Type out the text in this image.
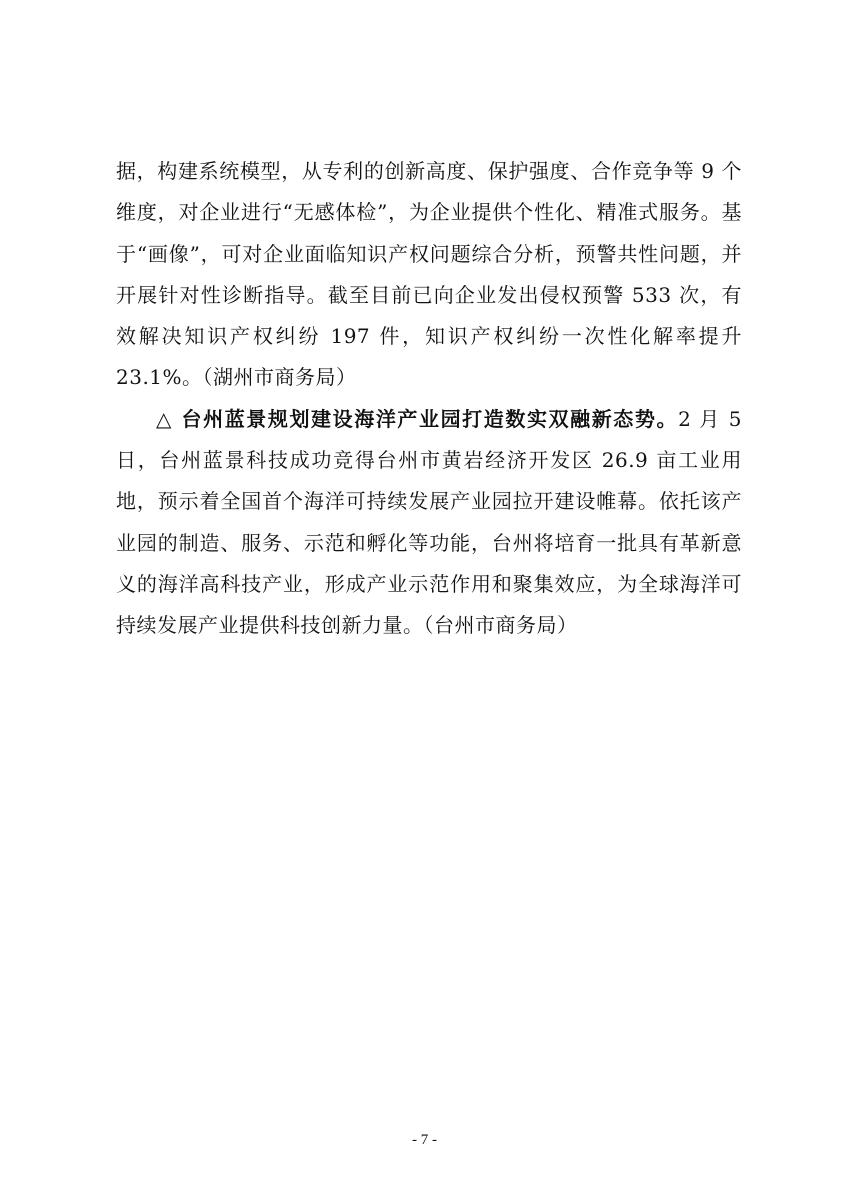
据，构建系统模型，从专利的创新高度、保护强度、合作竞争等 9 个维度，对企业进行“无感体检”，为企业提供个性化、精准式服务。基于“画像”，可对企业面临知识产权问题综合分析，预警共性问题，并开展针对性诊断指导。截至目前已向企业发出侵权预警 533 次，有效解决知识产权纠纷 197 件，知识产权纠纷一次性化解率提升 23.1%。（湖州市商务局）

△ 台州蓝景规划建设海洋产业园打造数实双融新态势。2 月 5 日，台州蓝景科技成功竞得台州市黄岩经济开发区 26.9 亩工业用地，预示着全国首个海洋可持续发展产业园拉开建设帷幕。依托该产业园的制造、服务、示范和孵化等功能，台州将培育一批具有革新意义的海洋高科技产业，形成产业示范作用和聚集效应，为全球海洋可持续发展产业提供科技创新力量。（台州市商务局）

- 7 -
